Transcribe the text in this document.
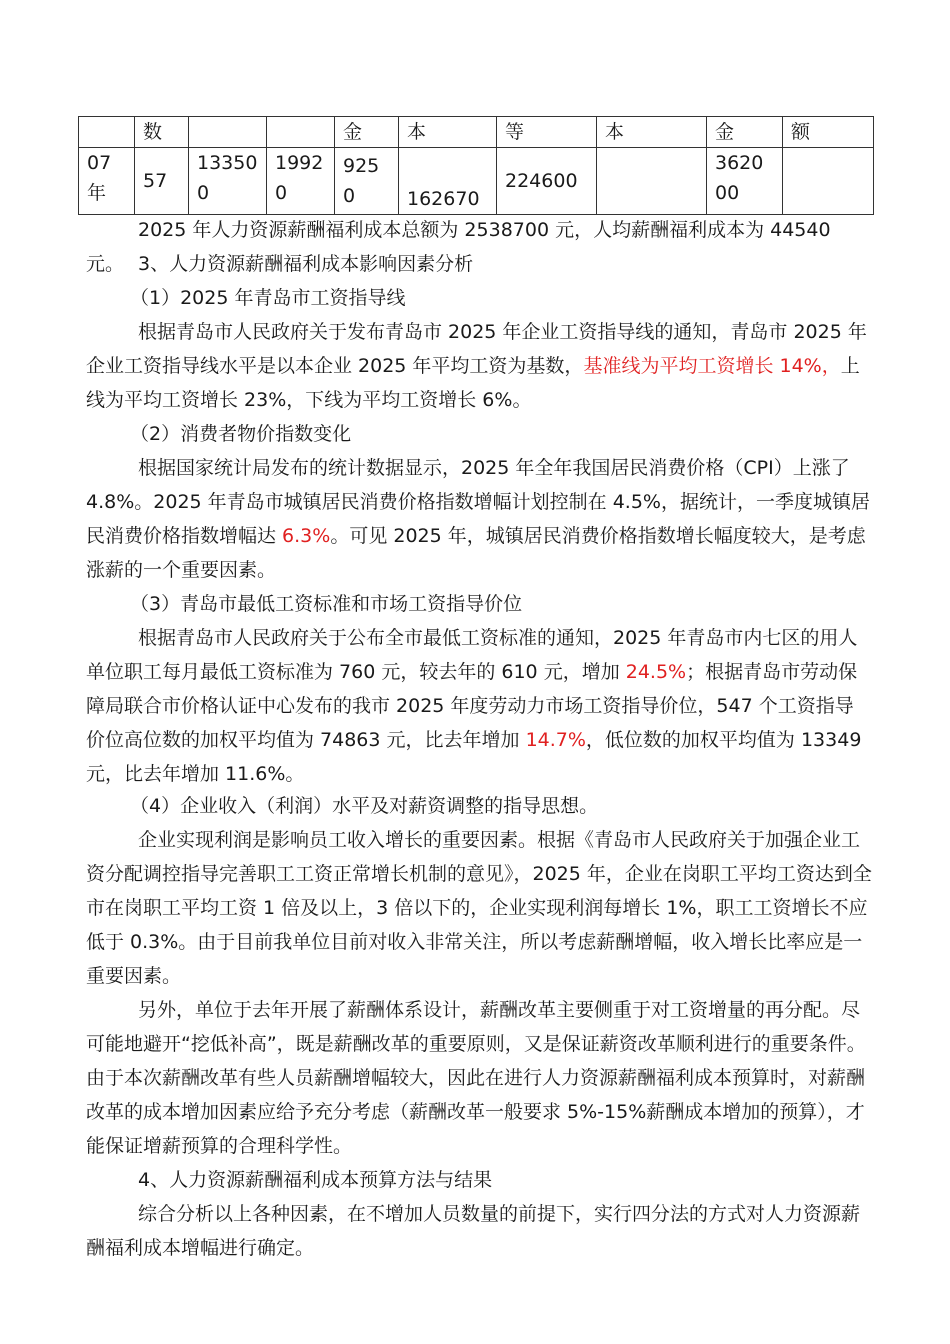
	数			金	本	等	本	金	额
07 年	57	133500	19920	9250	162670	224600		362000	

2025 年人力资源薪酬福利成本总额为 2538700 元，人均薪酬福利成本为 44540 元。 3、人力资源薪酬福利成本影响因素分析

（1）2025 年青岛市工资指导线

根据青岛市人民政府关于发布青岛市 2025 年企业工资指导线的通知，青岛市 2025 年企业工资指导线水平是以本企业 2025 年平均工资为基数，基准线为平均工资增长 14%，上线为平均工资增长 23%，下线为平均工资增长 6%。

（2）消费者物价指数变化

根据国家统计局发布的统计数据显示，2025 年全年我国居民消费价格（CPI）上涨了 4.8%。2025 年青岛市城镇居民消费价格指数增幅计划控制在 4.5%，据统计，一季度城镇居民消费价格指数增幅达 6.3%。可见 2025 年，城镇居民消费价格指数增长幅度较大，是考虑涨薪的一个重要因素。

（3）青岛市最低工资标准和市场工资指导价位

根据青岛市人民政府关于公布全市最低工资标准的通知，2025 年青岛市内七区的用人单位职工每月最低工资标准为 760 元，较去年的 610 元，增加 24.5%；根据青岛市劳动保障局联合市价格认证中心发布的我市 2025 年度劳动力市场工资指导价位，547 个工资指导价位高位数的加权平均值为 74863 元，比去年增加 14.7%，低位数的加权平均值为 13349 元，比去年增加 11.6%。

（4）企业收入（利润）水平及对薪资调整的指导思想。

企业实现利润是影响员工收入增长的重要因素。根据《青岛市人民政府关于加强企业工资分配调控指导完善职工工资正常增长机制的意见》，2025 年，企业在岗职工平均工资达到全市在岗职工平均工资 1 倍及以上，3 倍以下的，企业实现利润每增长 1%，职工工资增长不应低于 0.3%。由于目前我单位目前对收入非常关注，所以考虑薪酬增幅，收入增长比率应是一重要因素。

另外，单位于去年开展了薪酬体系设计，薪酬改革主要侧重于对工资增量的再分配。尽可能地避开“挖低补高”，既是薪酬改革的重要原则，又是保证薪资改革顺利进行的重要条件。由于本次薪酬改革有些人员薪酬增幅较大，因此在进行人力资源薪酬福利成本预算时，对薪酬改革的成本增加因素应给予充分考虑（薪酬改革一般要求 5%-15%薪酬成本增加的预算），才能保证增薪预算的合理科学性。

4、人力资源薪酬福利成本预算方法与结果

综合分析以上各种因素，在不增加人员数量的前提下，实行四分法的方式对人力资源薪酬福利成本增幅进行确定。
